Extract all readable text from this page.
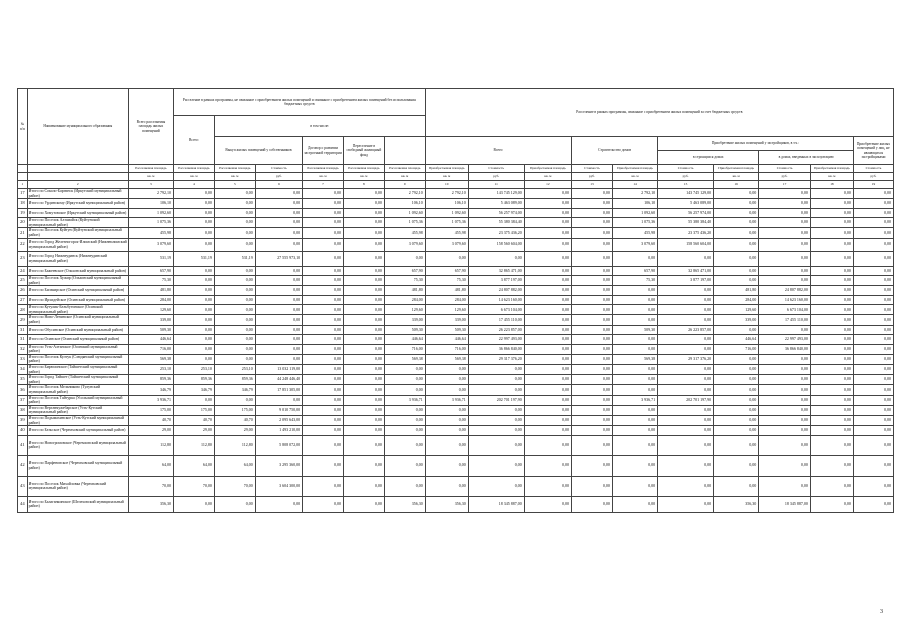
№ п/п	Наименование муниципального образования	Всего расселяемая площадь жилых помещений	Расселение в рамках программы, не связанное с приобретением жилых помещений и связанное с приобретением жилых помещений без использования бюджетных средств						Расселение в рамках программы, связанное с приобретением жилых помещений за счет бюджетных средств									
			Всего:	в том числе:														
				Выкуп жилых помещений у собственников		Договор о развитии застроенной территории	Переселение в свободный жилищный фонд		Всего:			Строительство домов		Приобретение жилых помещений у застройщиков, в т.ч.:				Приобретение жилых помещений у лиц, не являющихся застройщиками
														в строящихся домах		в домах, введенных в эксплуатацию		
		Расселяемая площадь	Расселяемая площадь	Расселяемая площадь	Стоимость	Расселяемая площадь	Расселяемая площадь	Расселяемая площадь	Приобретаемая площадь	Стоимость	Приобретаемая площадь	Стоимость	Приобретаемая площадь	Стоимость	Приобретаемая площадь	Стоимость	Приобретаемая площадь	Стоимость
		кв. м	кв. м	кв. м	руб.	кв. м	кв. м	кв. м	кв. м	руб.	кв. м	руб.	кв. м	руб.	кв. м	руб.	кв. м	руб.
1	2	3	4	5	6	7	8	9	10	11	12	13	14	15	16	17	18	19
17	Итого по Соколо-Баргинск (Иркутский муниципальный район)	2 792,10	0,00	0,00	0,00	0,00	0,00	2 792,10	2 792,10	143 745 129,00	0,00	0,00	2 792,10	143 745 129,00	0,00	0,00	0,00	0,00
18	Итого по Урдинскому (Иркутский муниципальный район)	106,10	0,00	0,00	0,00	0,00	0,00	106,10	106,10	5 463 089,00	0,00	0,00	106,10	5 463 089,00	0,00	0,00	0,00	0,00
19	Итого по Хомутовское (Иркутский муниципальный район)	1 092,60	0,00	0,00	0,00	0,00	0,00	1 092,60	1 092,60	56 257 974,00	0,00	0,00	1 092,60	56 257 974,00	0,00	0,00	0,00	0,00
20	Итого по Поселок Алзамайск (Куйтунский муниципальный район)	1 075,36	0,00	0,00	0,00	0,00	0,00	1 075,36	1 075,36	55 380 384,40	0,00	0,00	1 075,36	55 380 384,40	0,00	0,00	0,00	0,00
21	Итого по Поселок Куйтун (Куйтунский муниципальный район)	455,98	0,00	0,00	0,00	0,00	0,00	455,98	455,98	23 375 436,20	0,00	0,00	455,98	23 375 436,20	0,00	0,00	0,00	0,00
22	Итого по Город Железногорск-Илимский (Нижнеилимский муниципальный район)	3 079,60	0,00	0,00	0,00	0,00	0,00	3 079,60	3 079,60	158 560 604,00	0,00	0,00	3 079,60	158 560 604,00	0,00	0,00	0,00	0,00
23	Итого по Город Нижнеудинск (Нижнеудинский муниципальный район)	531,19	531,19	531,19	27 555 973,10	0,00	0,00	0,00	0,00	0,00	0,00	0,00	0,00	0,00	0,00	0,00	0,00	0,00
24	Итого по Бажеевское (Ольхонский муниципальный район)	657,90	0,00	0,00	0,00	0,00	0,00	657,90	657,90	32 865 471,00	0,00	0,00	657,90	32 865 471,00	0,00	0,00	0,00	0,00
25	Итого по Поселок Хужир (Ольхонский муниципальный район)	75,30	0,00	0,00	0,00	0,00	0,00	75,30	75,30	3 877 197,00	0,00	0,00	75,30	3 877 197,00	0,00	0,00	0,00	0,00
26	Итого по Бильчирское (Осинский муниципальный район)	481,80	0,00	0,00	0,00	0,00	0,00	481,80	481,80	24 807 882,00	0,00	0,00	0,00	0,00	481,80	24 807 882,00	0,00	0,00
27	Итого по Ирхидейское (Осинский муниципальный район)	284,00	0,00	0,00	0,00	0,00	0,00	284,00	284,00	14 623 160,00	0,00	0,00	0,00	0,00	284,00	14 623 160,00	0,00	0,00
28	Итого по Кутулик-Бельбутинское (Осинский муниципальный район)	129,60	0,00	0,00	0,00	0,00	0,00	129,60	129,60	6 673 104,00	0,00	0,00	0,00	0,00	129,60	6 673 104,00	0,00	0,00
29	Итого по Ново-Ленинское (Осинский муниципальный район)	339,00	0,00	0,00	0,00	0,00	0,00	339,00	339,00	17 455 110,00	0,00	0,00	0,00	0,00	339,00	17 455 110,00	0,00	0,00
31	Итого по Обусинское (Осинский муниципальный район)	509,30	0,00	0,00	0,00	0,00	0,00	509,30	509,30	26 223 857,00	0,00	0,00	509,30	26 223 857,00	0,00	0,00	0,00	0,00
31	Итого по Осинское (Осинский муниципальный район)	446,64	0,00	0,00	0,00	0,00	0,00	446,64	446,64	22 997 493,00	0,00	0,00	0,00	0,00	446,64	22 997 493,00	0,00	0,00
32	Итого по Усть-Алтанское (Осинский муниципальный район)	716,00	0,00	0,00	0,00	0,00	0,00	716,00	716,00	36 866 840,00	0,00	0,00	0,00	0,00	716,00	36 866 840,00	0,00	0,00
33	Итого по Поселок Култук (Слюдянский муниципальный район)	569,38	0,00	0,00	0,00	0,00	0,00	569,38	569,38	29 317 376,20	0,00	0,00	569,38	29 317 376,20	0,00	0,00	0,00	0,00
34	Итого по Бирюсинское (Тайшетский муниципальный район)	253,10	253,10	253,10	13 032 119,00	0,00	0,00	0,00	0,00	0,00	0,00	0,00	0,00	0,00	0,00	0,00	0,00	0,00
35	Итого по Город Тайшет (Тайшетский муниципальный район)	859,36	859,36	859,36	44 248 446,40	0,00	0,00	0,00	0,00	0,00	0,00	0,00	0,00	0,00	0,00	0,00	0,00	0,00
36	Итого по Поселок Мельниково (Тулунский муниципальный район)	346,79	346,79	346,79	17 851 305,00	0,00	0,00	0,00	0,00	0,00	0,00	0,00	0,00	0,00	0,00	0,00	0,00	0,00
37	Итого по Поселок Тайтурка (Усольский муниципальный район)	3 936,71	0,00	0,00	0,00	0,00	0,00	3 936,71	3 936,71	202 701 197,90	0,00	0,00	3 936,71	202 701 197,90	0,00	0,00	0,00	0,00
38	Итого по Верхнекужебарское (Усть-Кутский муниципальный район)	175,00	175,00	175,00	9 010 750,00	0,00	0,00	0,00	0,00	0,00	0,00	0,00	0,00	0,00	0,00	0,00	0,00	0,00
39	Итого по Подымахинское (Усть-Кутский муниципальный район)	40,70	40,70	40,70	2 095 643,00	0,00	0,00	0,00	0,00	0,00	0,00	0,00	0,00	0,00	0,00	0,00	0,00	0,00
40	Итого по Бельское (Черемховский муниципальный район)	29,00	29,00	29,00	1 493 210,00	0,00	0,00	0,00	0,00	0,00	0,00	0,00	0,00	0,00	0,00	0,00	0,00	0,00
41	Итого по Новогромовское (Черемховский муниципальный район)	112,80	112,80	112,80	5 808 072,00	0,00	0,00	0,00	0,00	0,00	0,00	0,00	0,00	0,00	0,00	0,00	0,00	0,00
42	Итого по Парфеновское (Черемховский муниципальный район)	64,00	64,00	64,00	3 295 360,00	0,00	0,00	0,00	0,00	0,00	0,00	0,00	0,00	0,00	0,00	0,00	0,00	0,00
43	Итого по Поселок Михайловка (Черемховский муниципальный район)	70,00	70,00	70,00	3 604 300,00	0,00	0,00	0,00	0,00	0,00	0,00	0,00	0,00	0,00	0,00	0,00	0,00	0,00
44	Итого по Балаганкинское (Шелеховский муниципальный район)	356,30	0,00	0,00	0,00	0,00	0,00	356,30	356,30	18 345 887,00	0,00	0,00	0,00	0,00	356,30	18 345 887,00	0,00	0,00
3
